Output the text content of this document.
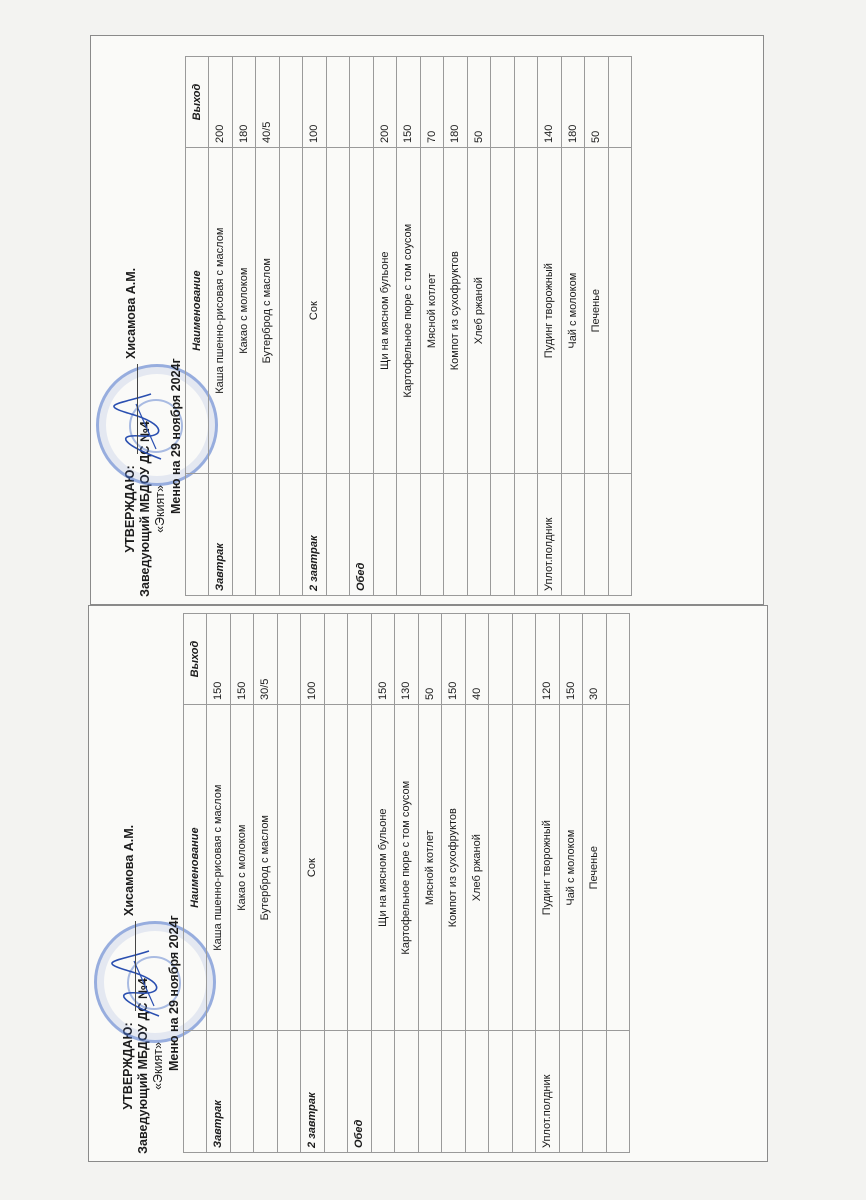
УТВЕРЖДАЮ: Заведующий МБДОУ ДС №4 «Экият»
Хисамова А.М.
Меню на 29 ноября 2024г
	Наименование	Выход
Завтрак	Каша пшенно-рисовая с маслом	150
	Какао с молоком	150
	Бутерброд с маслом	30/5

2 завтрак	Сок	100

Обед		
	Щи на мясном бульоне	150
	Картофельное пюре с том соусом	130
	Мясной котлет	50
	Компот из сухофруктов	150
	Хлеб ржаной	40

Уплот.полдник	Пудинг творожный	120
	Чай с молоком	150
	Печенье	30

УТВЕРЖДАЮ: Заведующий МБДОУ ДС №4 «Экият»
Хисамова А.М.
Меню на 29 ноября 2024г
	Наименование	Выход
Завтрак	Каша пшенно-рисовая с маслом	200
	Какао с молоком	180
	Бутерброд с маслом	40/5

2 завтрак	Сок	100

Обед		
	Щи на мясном бульоне	200
	Картофельное пюре с том соусом	150
	Мясной котлет	70
	Компот из сухофруктов	180
	Хлеб ржаной	50

Уплот.полдник	Пудинг творожный	140
	Чай с молоком	180
	Печенье	50
